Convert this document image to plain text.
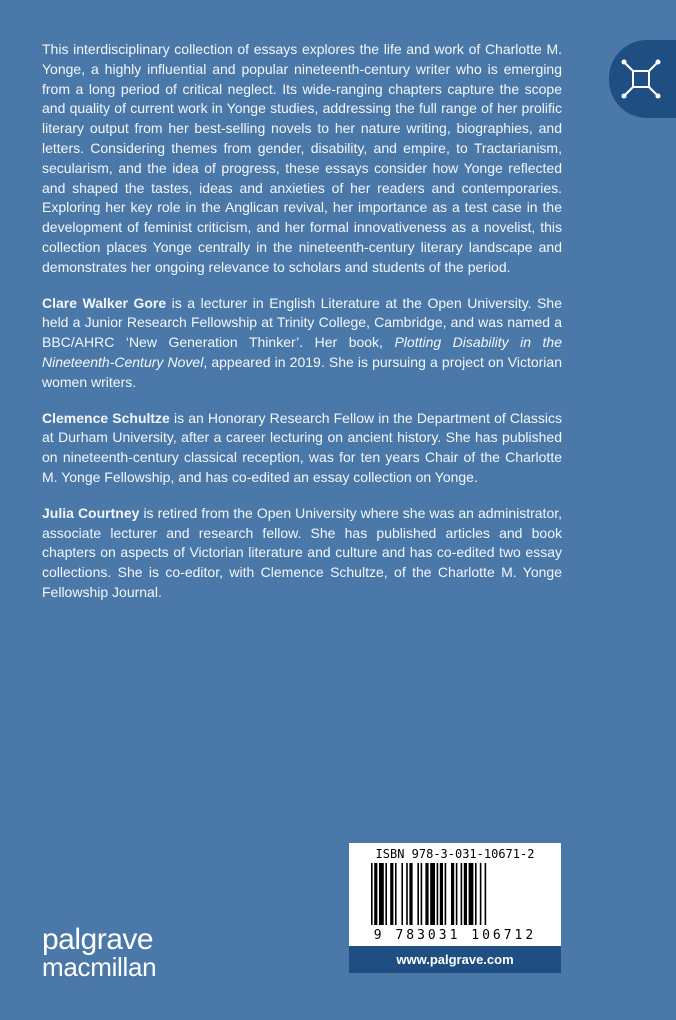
This interdisciplinary collection of essays explores the life and work of Charlotte M. Yonge, a highly influential and popular nineteenth-century writer who is emerging from a long period of critical neglect. Its wide-ranging chapters capture the scope and quality of current work in Yonge studies, addressing the full range of her prolific literary output from her best-selling novels to her nature writing, biographies, and letters. Considering themes from gender, disability, and empire, to Tractarianism, secularism, and the idea of progress, these essays consider how Yonge reflected and shaped the tastes, ideas and anxieties of her readers and contemporaries. Exploring her key role in the Anglican revival, her importance as a test case in the development of feminist criticism, and her formal innovativeness as a novelist, this collection places Yonge centrally in the nineteenth-century literary landscape and demonstrates her ongoing relevance to scholars and students of the period.

Clare Walker Gore is a lecturer in English Literature at the Open University. She held a Junior Research Fellowship at Trinity College, Cambridge, and was named a BBC/AHRC ‘New Generation Thinker’. Her book, Plotting Disability in the Nineteenth-Century Novel, appeared in 2019. She is pursuing a project on Victorian women writers.

Clemence Schultze is an Honorary Research Fellow in the Department of Classics at Durham University, after a career lecturing on ancient history. She has published on nineteenth-century classical reception, was for ten years Chair of the Charlotte M. Yonge Fellowship, and has co-edited an essay collection on Yonge.

Julia Courtney is retired from the Open University where she was an administrator, associate lecturer and research fellow. She has published articles and book chapters on aspects of Victorian literature and culture and has co-edited two essay collections. She is co-editor, with Clemence Schultze, of the Charlotte M. Yonge Fellowship Journal.

palgrave
macmillan
ISBN 978-3-031-10671-2
9 783031 106712
www.palgrave.com
